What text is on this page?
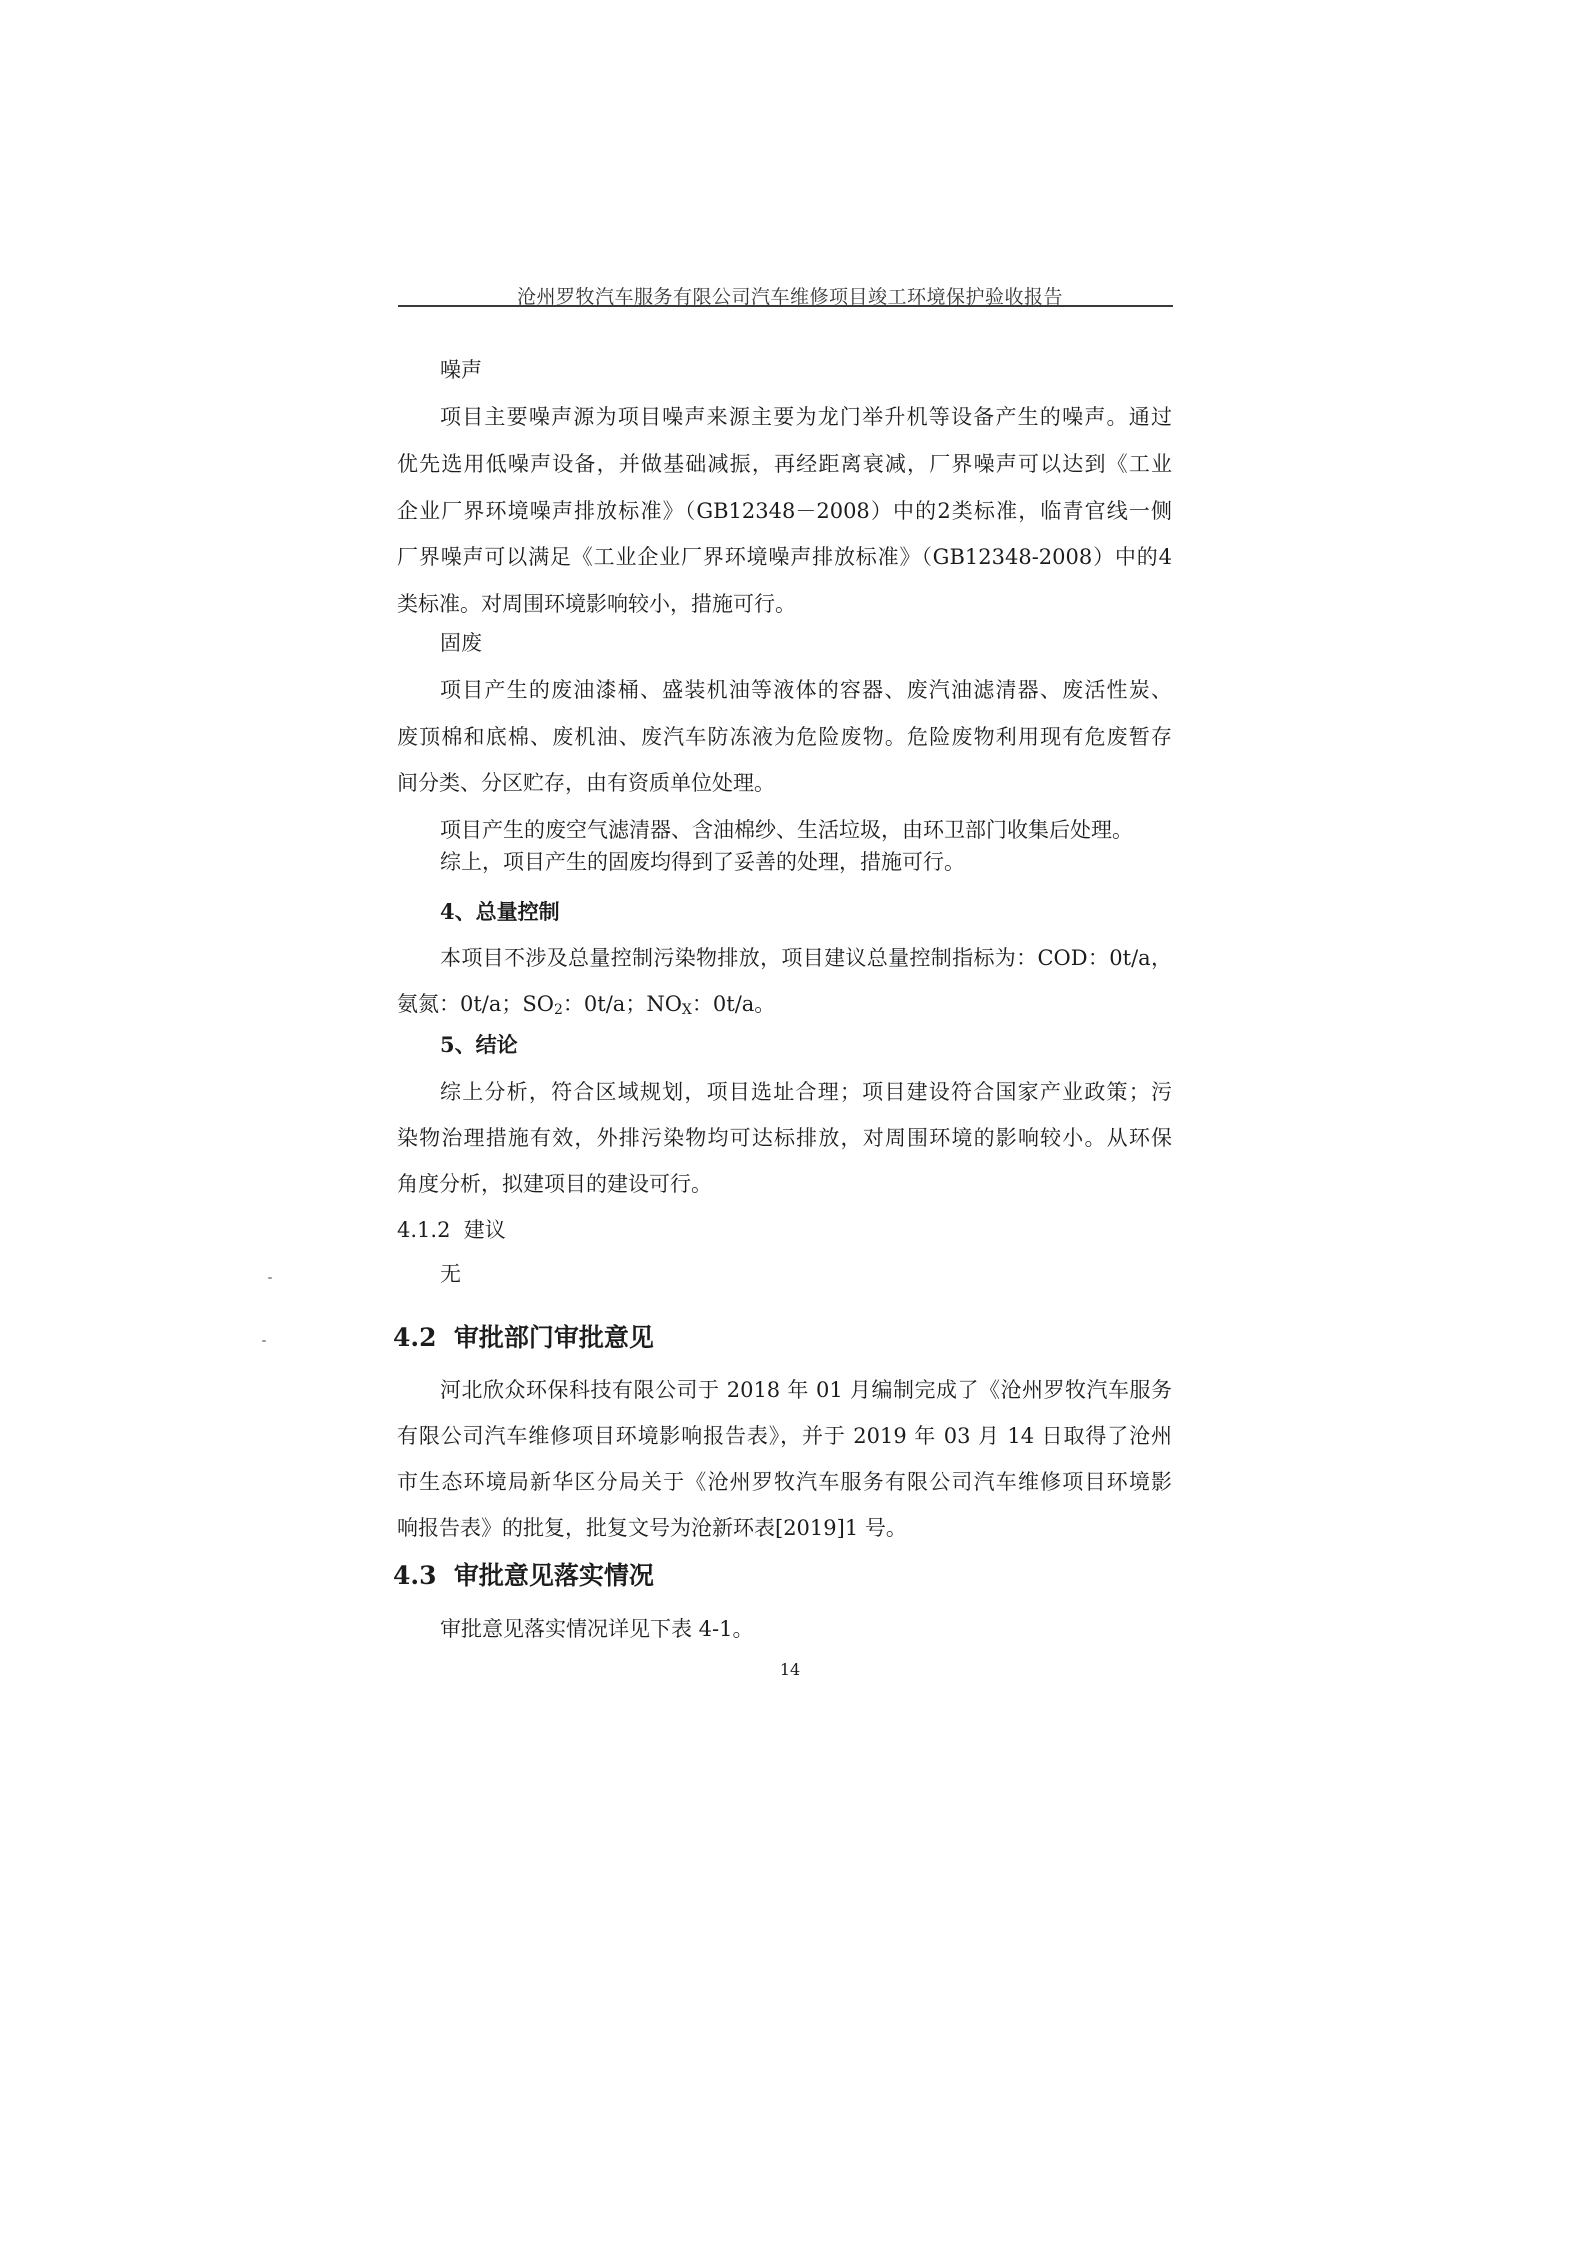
沧州罗牧汽车服务有限公司汽车维修项目竣工环境保护验收报告
噪声
项目主要噪声源为项目噪声来源主要为龙门举升机等设备产生的噪声。通过
优先选用低噪声设备，并做基础减振，再经距离衰减，厂界噪声可以达到《工业
企业厂界环境噪声排放标准》（GB12348－2008）中的2类标准，临青官线一侧
厂界噪声可以满足《工业企业厂界环境噪声排放标准》（GB12348-2008）中的4
类标准。对周围环境影响较小，措施可行。
固废
项目产生的废油漆桶、盛装机油等液体的容器、废汽油滤清器、废活性炭、
废顶棉和底棉、废机油、废汽车防冻液为危险废物。危险废物利用现有危废暂存
间分类、分区贮存，由有资质单位处理。
项目产生的废空气滤清器、含油棉纱、生活垃圾，由环卫部门收集后处理。
综上，项目产生的固废均得到了妥善的处理，措施可行。
4、总量控制
本项目不涉及总量控制污染物排放，项目建议总量控制指标为：COD：0t/a，
氨氮：0t/a；$SO_2$：0t/a；$NO_X$：0t/a。
5、结论
综上分析，符合区域规划，项目选址合理；项目建设符合国家产业政策；污
染物治理措施有效，外排污染物均可达标排放，对周围环境的影响较小。从环保
角度分析，拟建项目的建设可行。
4.1.2  建议
无
4.2  审批部门审批意见
河北欣众环保科技有限公司于 2018 年 01 月编制完成了《沧州罗牧汽车服务
有限公司汽车维修项目环境影响报告表》，并于 2019 年 03 月 14 日取得了沧州
市生态环境局新华区分局关于《沧州罗牧汽车服务有限公司汽车维修项目环境影
响报告表》的批复，批复文号为沧新环表[2019]1 号。
4.3  审批意见落实情况
审批意见落实情况详见下表 4-1。
14
